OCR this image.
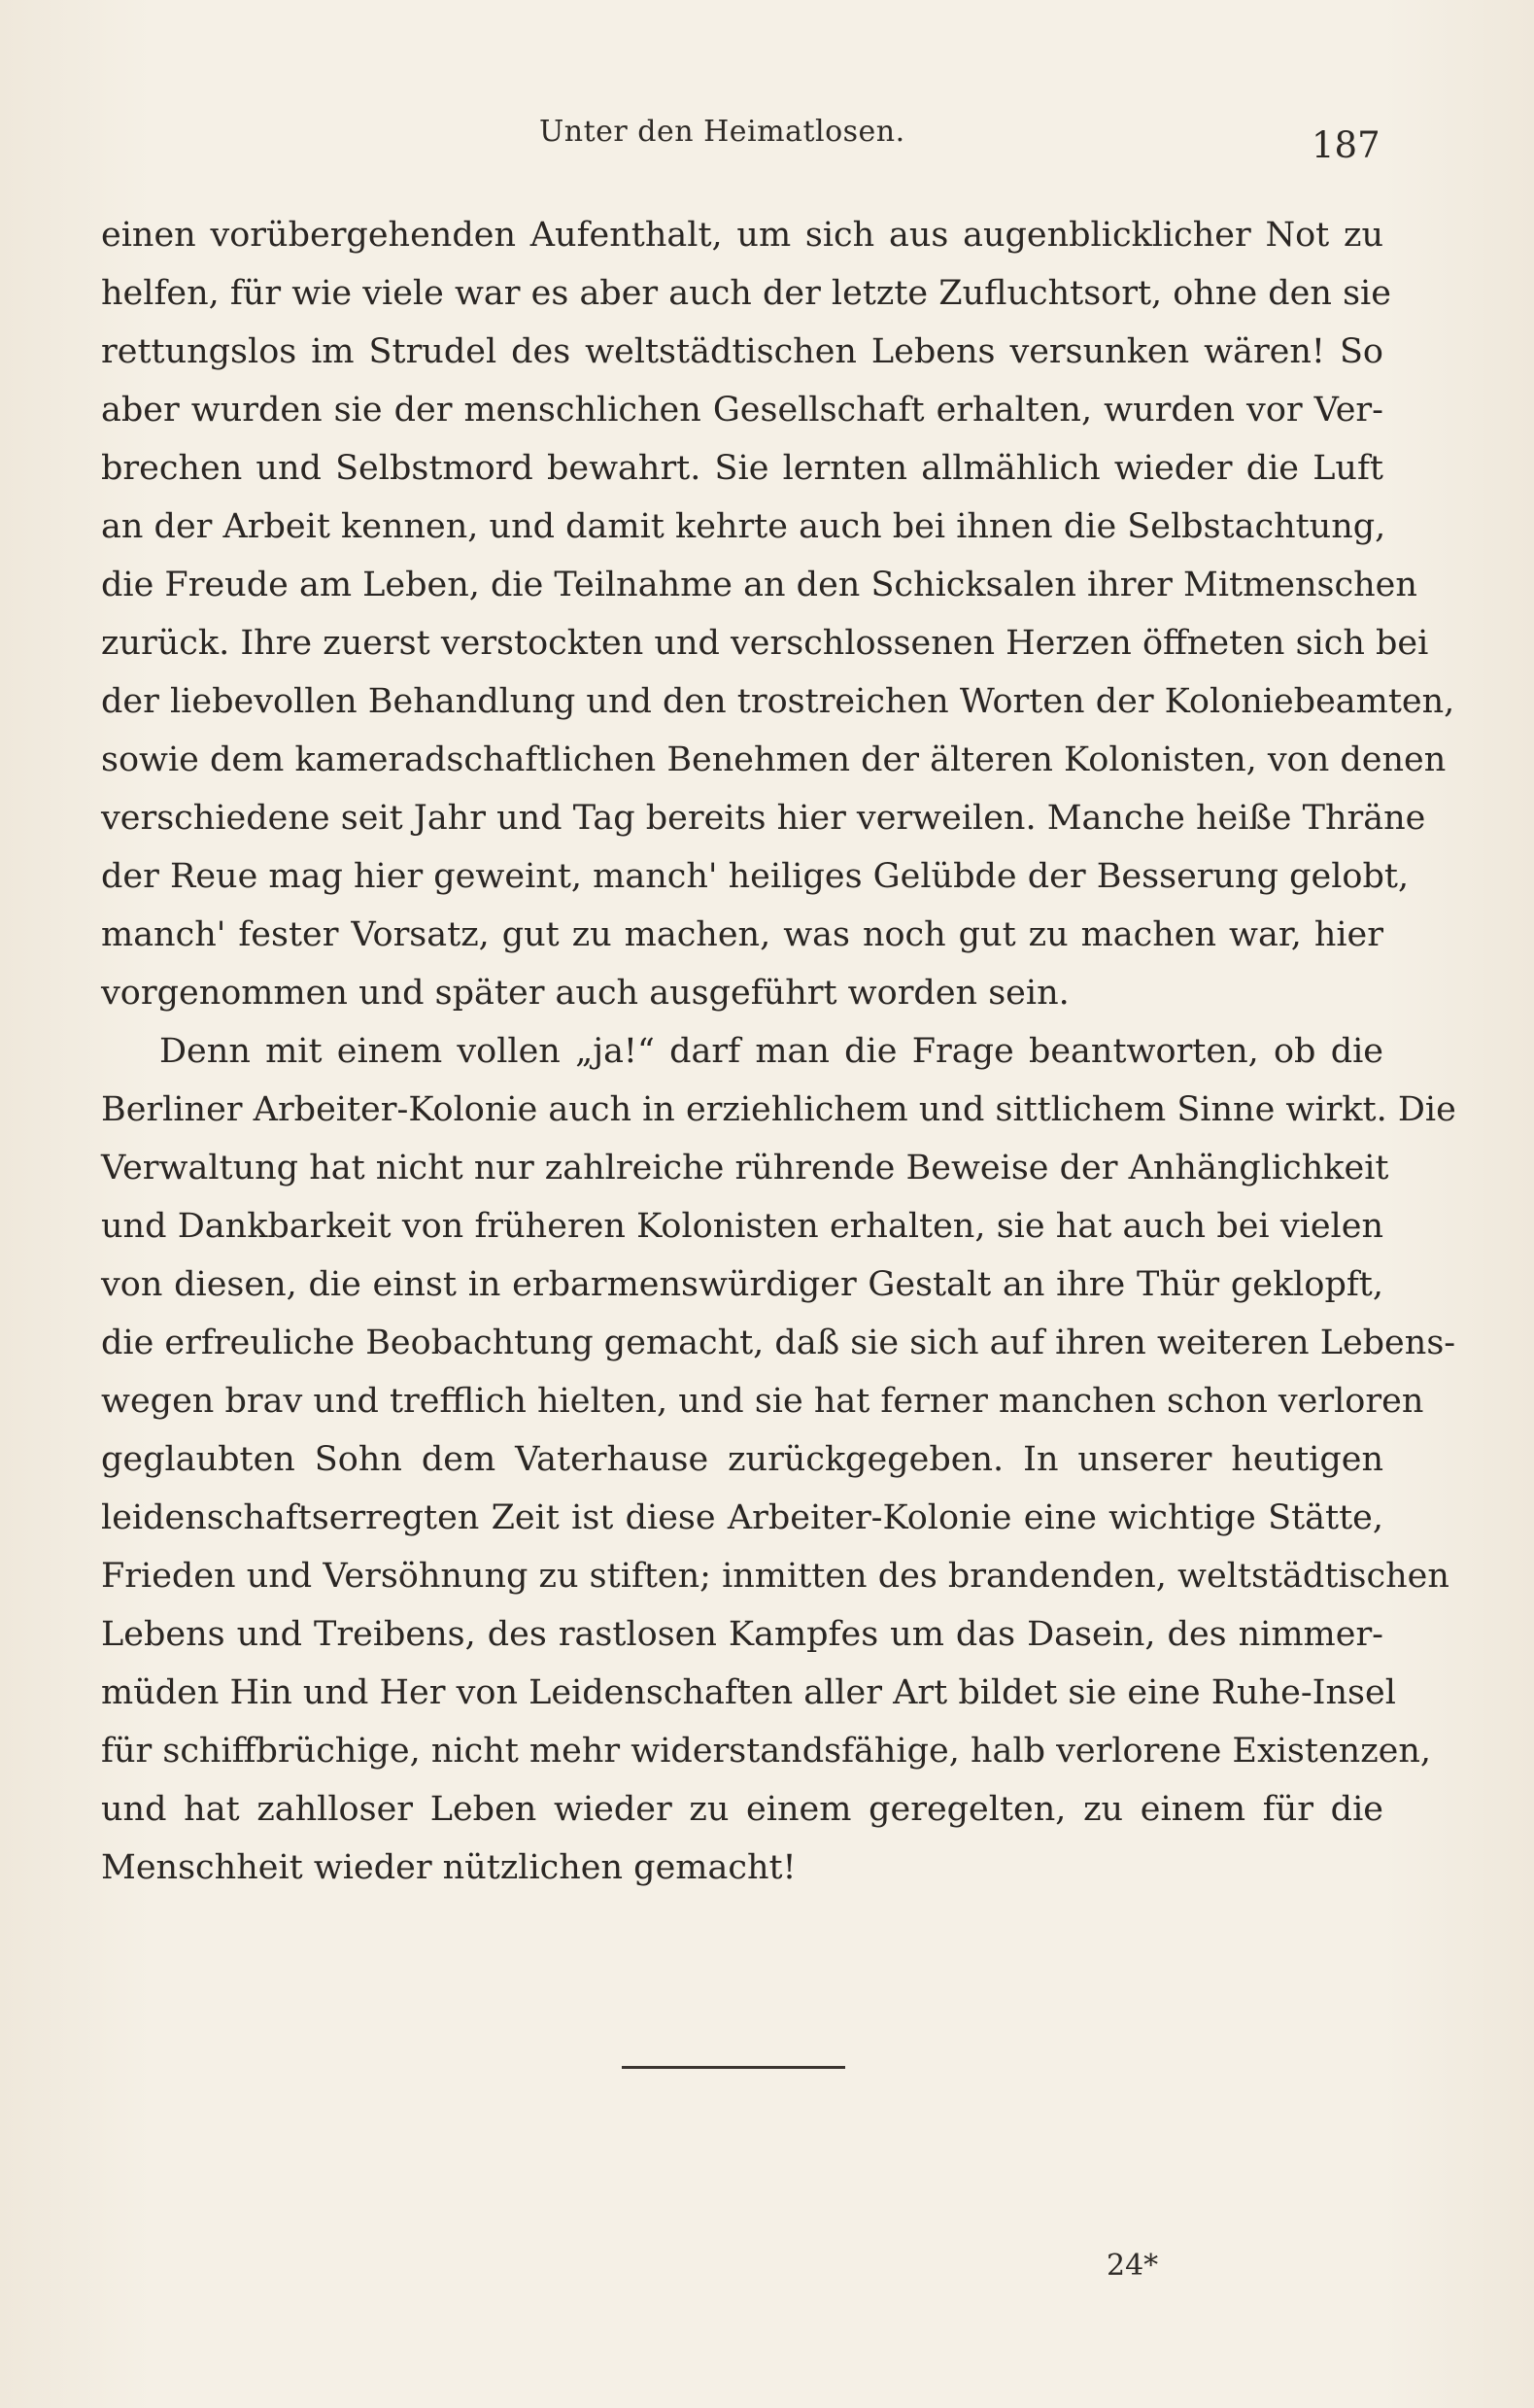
Unter den Heimatlosen.	187
einen vorübergehenden Aufenthalt, um sich aus augenblicklicher Not zu
helfen, für wie viele war es aber auch der letzte Zufluchtsort, ohne den sie
rettungslos im Strudel des weltstädtischen Lebens versunken wären! So
aber wurden sie der menschlichen Gesellschaft erhalten, wurden vor Ver-
brechen und Selbstmord bewahrt. Sie lernten allmählich wieder die Luft
an der Arbeit kennen, und damit kehrte auch bei ihnen die Selbstachtung,
die Freude am Leben, die Teilnahme an den Schicksalen ihrer Mitmenschen
zurück. Ihre zuerst verstockten und verschlossenen Herzen öffneten sich bei
der liebevollen Behandlung und den trostreichen Worten der Koloniebeamten,
sowie dem kameradschaftlichen Benehmen der älteren Kolonisten, von denen
verschiedene seit Jahr und Tag bereits hier verweilen. Manche heiße Thräne
der Reue mag hier geweint, manch' heiliges Gelübde der Besserung gelobt,
manch' fester Vorsatz, gut zu machen, was noch gut zu machen war, hier
vorgenommen und später auch ausgeführt worden sein.
Denn mit einem vollen „ja!“ darf man die Frage beantworten, ob die
Berliner Arbeiter-Kolonie auch in erziehlichem und sittlichem Sinne wirkt. Die
Verwaltung hat nicht nur zahlreiche rührende Beweise der Anhänglichkeit
und Dankbarkeit von früheren Kolonisten erhalten, sie hat auch bei vielen
von diesen, die einst in erbarmenswürdiger Gestalt an ihre Thür geklopft,
die erfreuliche Beobachtung gemacht, daß sie sich auf ihren weiteren Lebens-
wegen brav und trefflich hielten, und sie hat ferner manchen schon verloren
geglaubten Sohn dem Vaterhause zurückgegeben. In unserer heutigen
leidenschaftserregten Zeit ist diese Arbeiter-Kolonie eine wichtige Stätte,
Frieden und Versöhnung zu stiften; inmitten des brandenden, weltstädtischen
Lebens und Treibens, des rastlosen Kampfes um das Dasein, des nimmer-
müden Hin und Her von Leidenschaften aller Art bildet sie eine Ruhe-Insel
für schiffbrüchige, nicht mehr widerstandsfähige, halb verlorene Existenzen,
und hat zahlloser Leben wieder zu einem geregelten, zu einem für die
Menschheit wieder nützlichen gemacht!
24*
